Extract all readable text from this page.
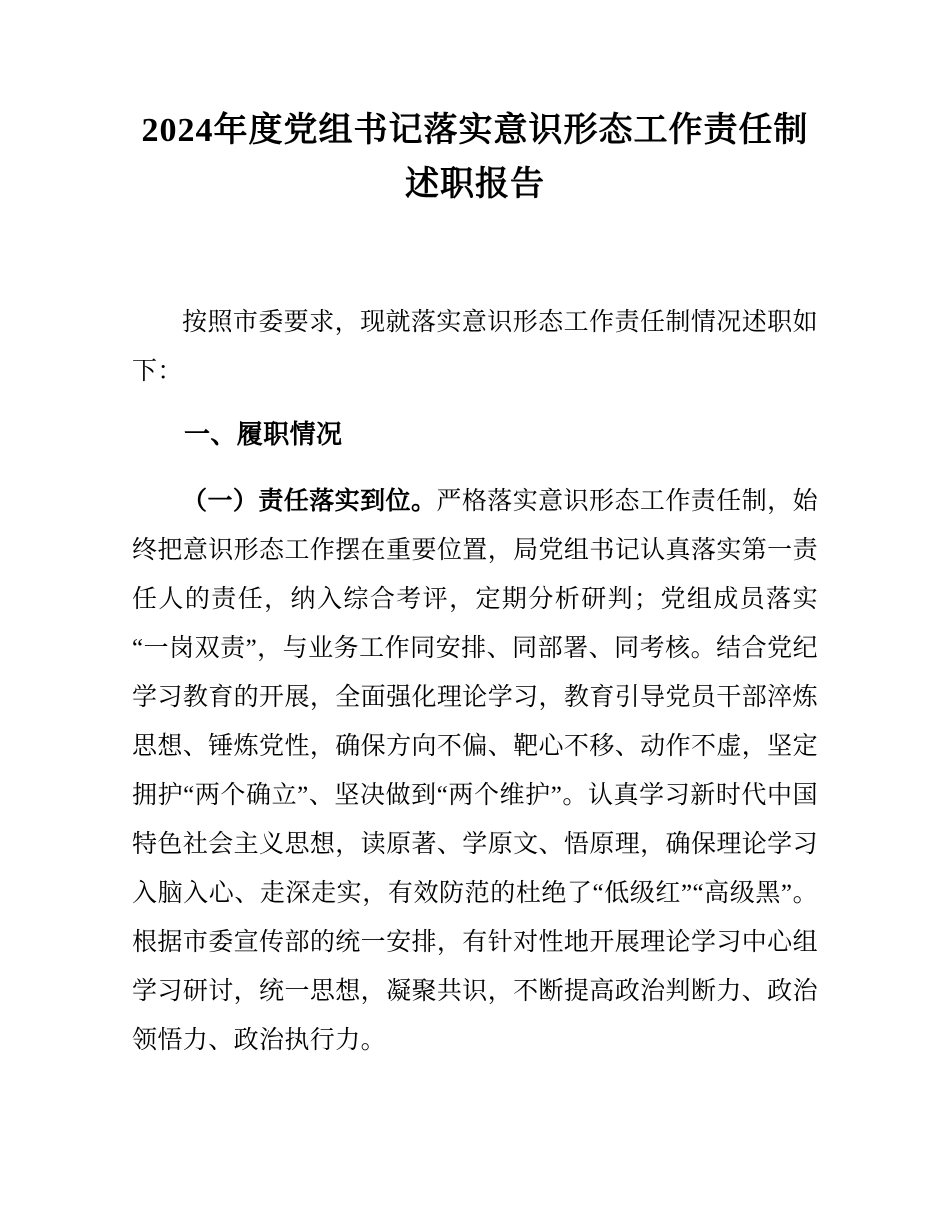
2024年度党组书记落实意识形态工作责任制
述职报告

按照市委要求，现就落实意识形态工作责任制情况述职如下：

一、履职情况

（一）责任落实到位。严格落实意识形态工作责任制，始终把意识形态工作摆在重要位置，局党组书记认真落实第一责任人的责任，纳入综合考评，定期分析研判；党组成员落实“一岗双责”，与业务工作同安排、同部署、同考核。结合党纪学习教育的开展，全面强化理论学习，教育引导党员干部淬炼思想、锤炼党性，确保方向不偏、靶心不移、动作不虚，坚定拥护“两个确立”、坚决做到“两个维护”。认真学习新时代中国特色社会主义思想，读原著、学原文、悟原理，确保理论学习入脑入心、走深走实，有效防范的杜绝了“低级红”“高级黑”。根据市委宣传部的统一安排，有针对性地开展理论学习中心组学习研讨，统一思想，凝聚共识，不断提高政治判断力、政治领悟力、政治执行力。
